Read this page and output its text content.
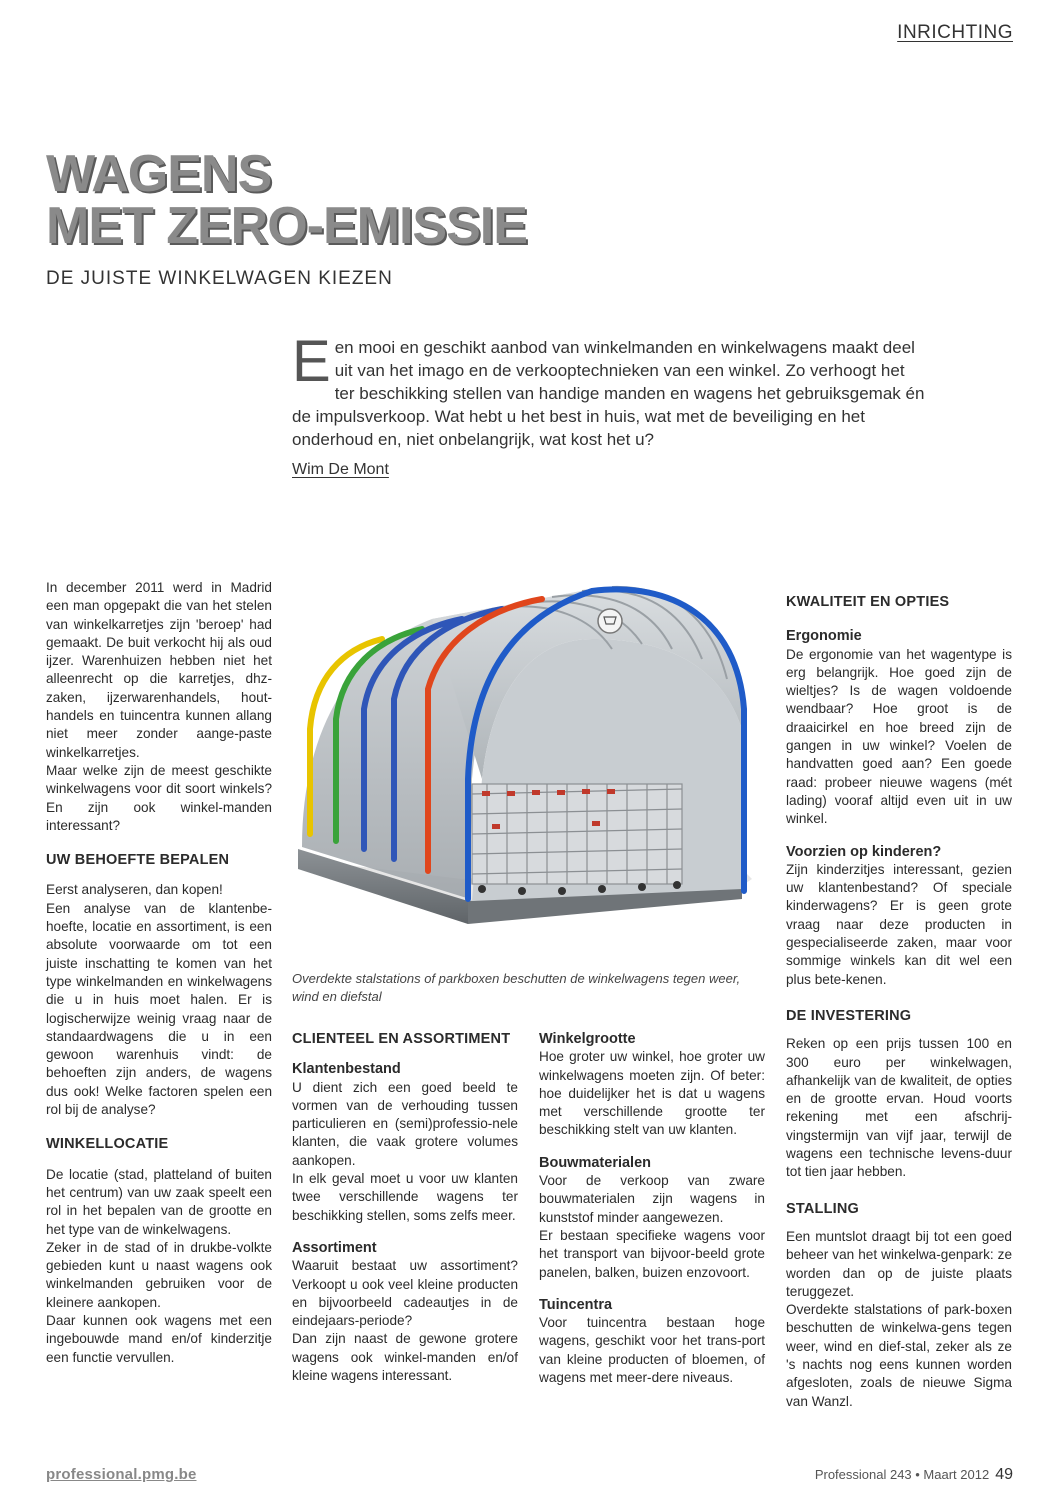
INRICHTING
WAGENS
MET ZERO-EMISSIE
DE JUISTE WINKELWAGEN KIEZEN
Een mooi en geschikt aanbod van winkelmanden en winkelwagens maakt deel uit van het imago en de verkooptechnieken van een winkel. Zo verhoogt het ter beschikking stellen van handige manden en wagens het gebruiksgemak én de impulsverkoop. Wat hebt u het best in huis, wat met de beveiliging en het onderhoud en, niet onbelangrijk, wat kost het u?
Wim De Mont

In december 2011 werd in Madrid een man opgepakt die van het stelen van winkelkarretjes zijn 'beroep' had gemaakt. De buit verkocht hij als oud ijzer. Warenhuizen hebben niet het alleenrecht op die karretjes, dhz-zaken, ijzerwarenhandels, hout-handels en tuincentra kunnen allang niet meer zonder aange-paste winkelkarretjes.

Maar welke zijn de meest geschikte winkelwagens voor dit soort winkels? En zijn ook winkel-manden interessant?

UW BEHOEFTE BEPALEN

Eerst analyseren, dan kopen!

Een analyse van de klantenbe-hoefte, locatie en assortiment, is een absolute voorwaarde om tot een juiste inschatting te komen van het type winkelmanden en winkelwagens die u in huis moet halen. Er is logischerwijze weinig vraag naar de standaardwagens die u in een gewoon warenhuis vindt: de behoeften zijn anders, de wagens dus ook! Welke factoren spelen een rol bij de analyse?

WINKELLOCATIE

De locatie (stad, platteland of buiten het centrum) van uw zaak speelt een rol in het bepalen van de grootte en het type van de winkelwagens.

Zeker in de stad of in drukbe-volkte gebieden kunt u naast wagens ook winkelmanden gebruiken voor de kleinere aankopen.

Daar kunnen ook wagens met een ingebouwde mand en/of kinderzitje een functie vervullen.

Overdekte stalstations of parkboxen beschutten de winkelwagens tegen weer, wind en diefstal
CLIENTEEL EN ASSORTIMENT
Klantenbestand

U dient zich een goed beeld te vormen van de verhouding tussen particulieren en (semi)professio-nele klanten, die vaak grotere volumes aankopen.

In elk geval moet u voor uw klanten twee verschillende wagens ter beschikking stellen, soms zelfs meer.

Assortiment

Waaruit bestaat uw assortiment? Verkoopt u ook veel kleine producten en bijvoorbeeld cadeautjes in de eindejaars-periode?

Dan zijn naast de gewone grotere wagens ook winkel-manden en/of kleine wagens interessant.

Winkelgrootte

Hoe groter uw winkel, hoe groter uw winkelwagens moeten zijn. Of beter: hoe duidelijker het is dat u wagens met verschillende grootte ter beschikking stelt van uw klanten.

Bouwmaterialen

Voor de verkoop van zware bouwmaterialen zijn wagens in kunststof minder aangewezen.

Er bestaan specifieke wagens voor het transport van bijvoor-beeld grote panelen, balken, buizen enzovoort.

Tuincentra

Voor tuincentra bestaan hoge wagens, geschikt voor het trans-port van kleine producten of bloemen, of wagens met meer-dere niveaus.

KWALITEIT EN OPTIES
Ergonomie

De ergonomie van het wagentype is erg belangrijk. Hoe goed zijn de wieltjes? Is de wagen voldoende wendbaar? Hoe groot is de draaicirkel en hoe breed zijn de gangen in uw winkel? Voelen de handvatten goed aan? Een goede raad: probeer nieuwe wagens (mét lading) vooraf altijd even uit in uw winkel.

Voorzien op kinderen?

Zijn kinderzitjes interessant, gezien uw klantenbestand? Of speciale kinderwagens? Er is geen grote vraag naar deze producten in gespecialiseerde zaken, maar voor sommige winkels kan dit wel een plus bete-kenen.

DE INVESTERING

Reken op een prijs tussen 100 en 300 euro per winkelwagen, afhankelijk van de kwaliteit, de opties en de grootte ervan. Houd voorts rekening met een afschrij-vingstermijn van vijf jaar, terwijl de wagens een technische levens-duur tot tien jaar hebben.

STALLING

Een muntslot draagt bij tot een goed beheer van het winkelwa-genpark: ze worden dan op de juiste plaats teruggezet.

Overdekte stalstations of park-boxen beschutten de winkelwa-gens tegen weer, wind en dief-stal, zeker als ze 's nachts nog eens kunnen worden afgesloten, zoals de nieuwe Sigma van Wanzl.

professional.pmg.be	Professional 243 • Maart 2012 49
